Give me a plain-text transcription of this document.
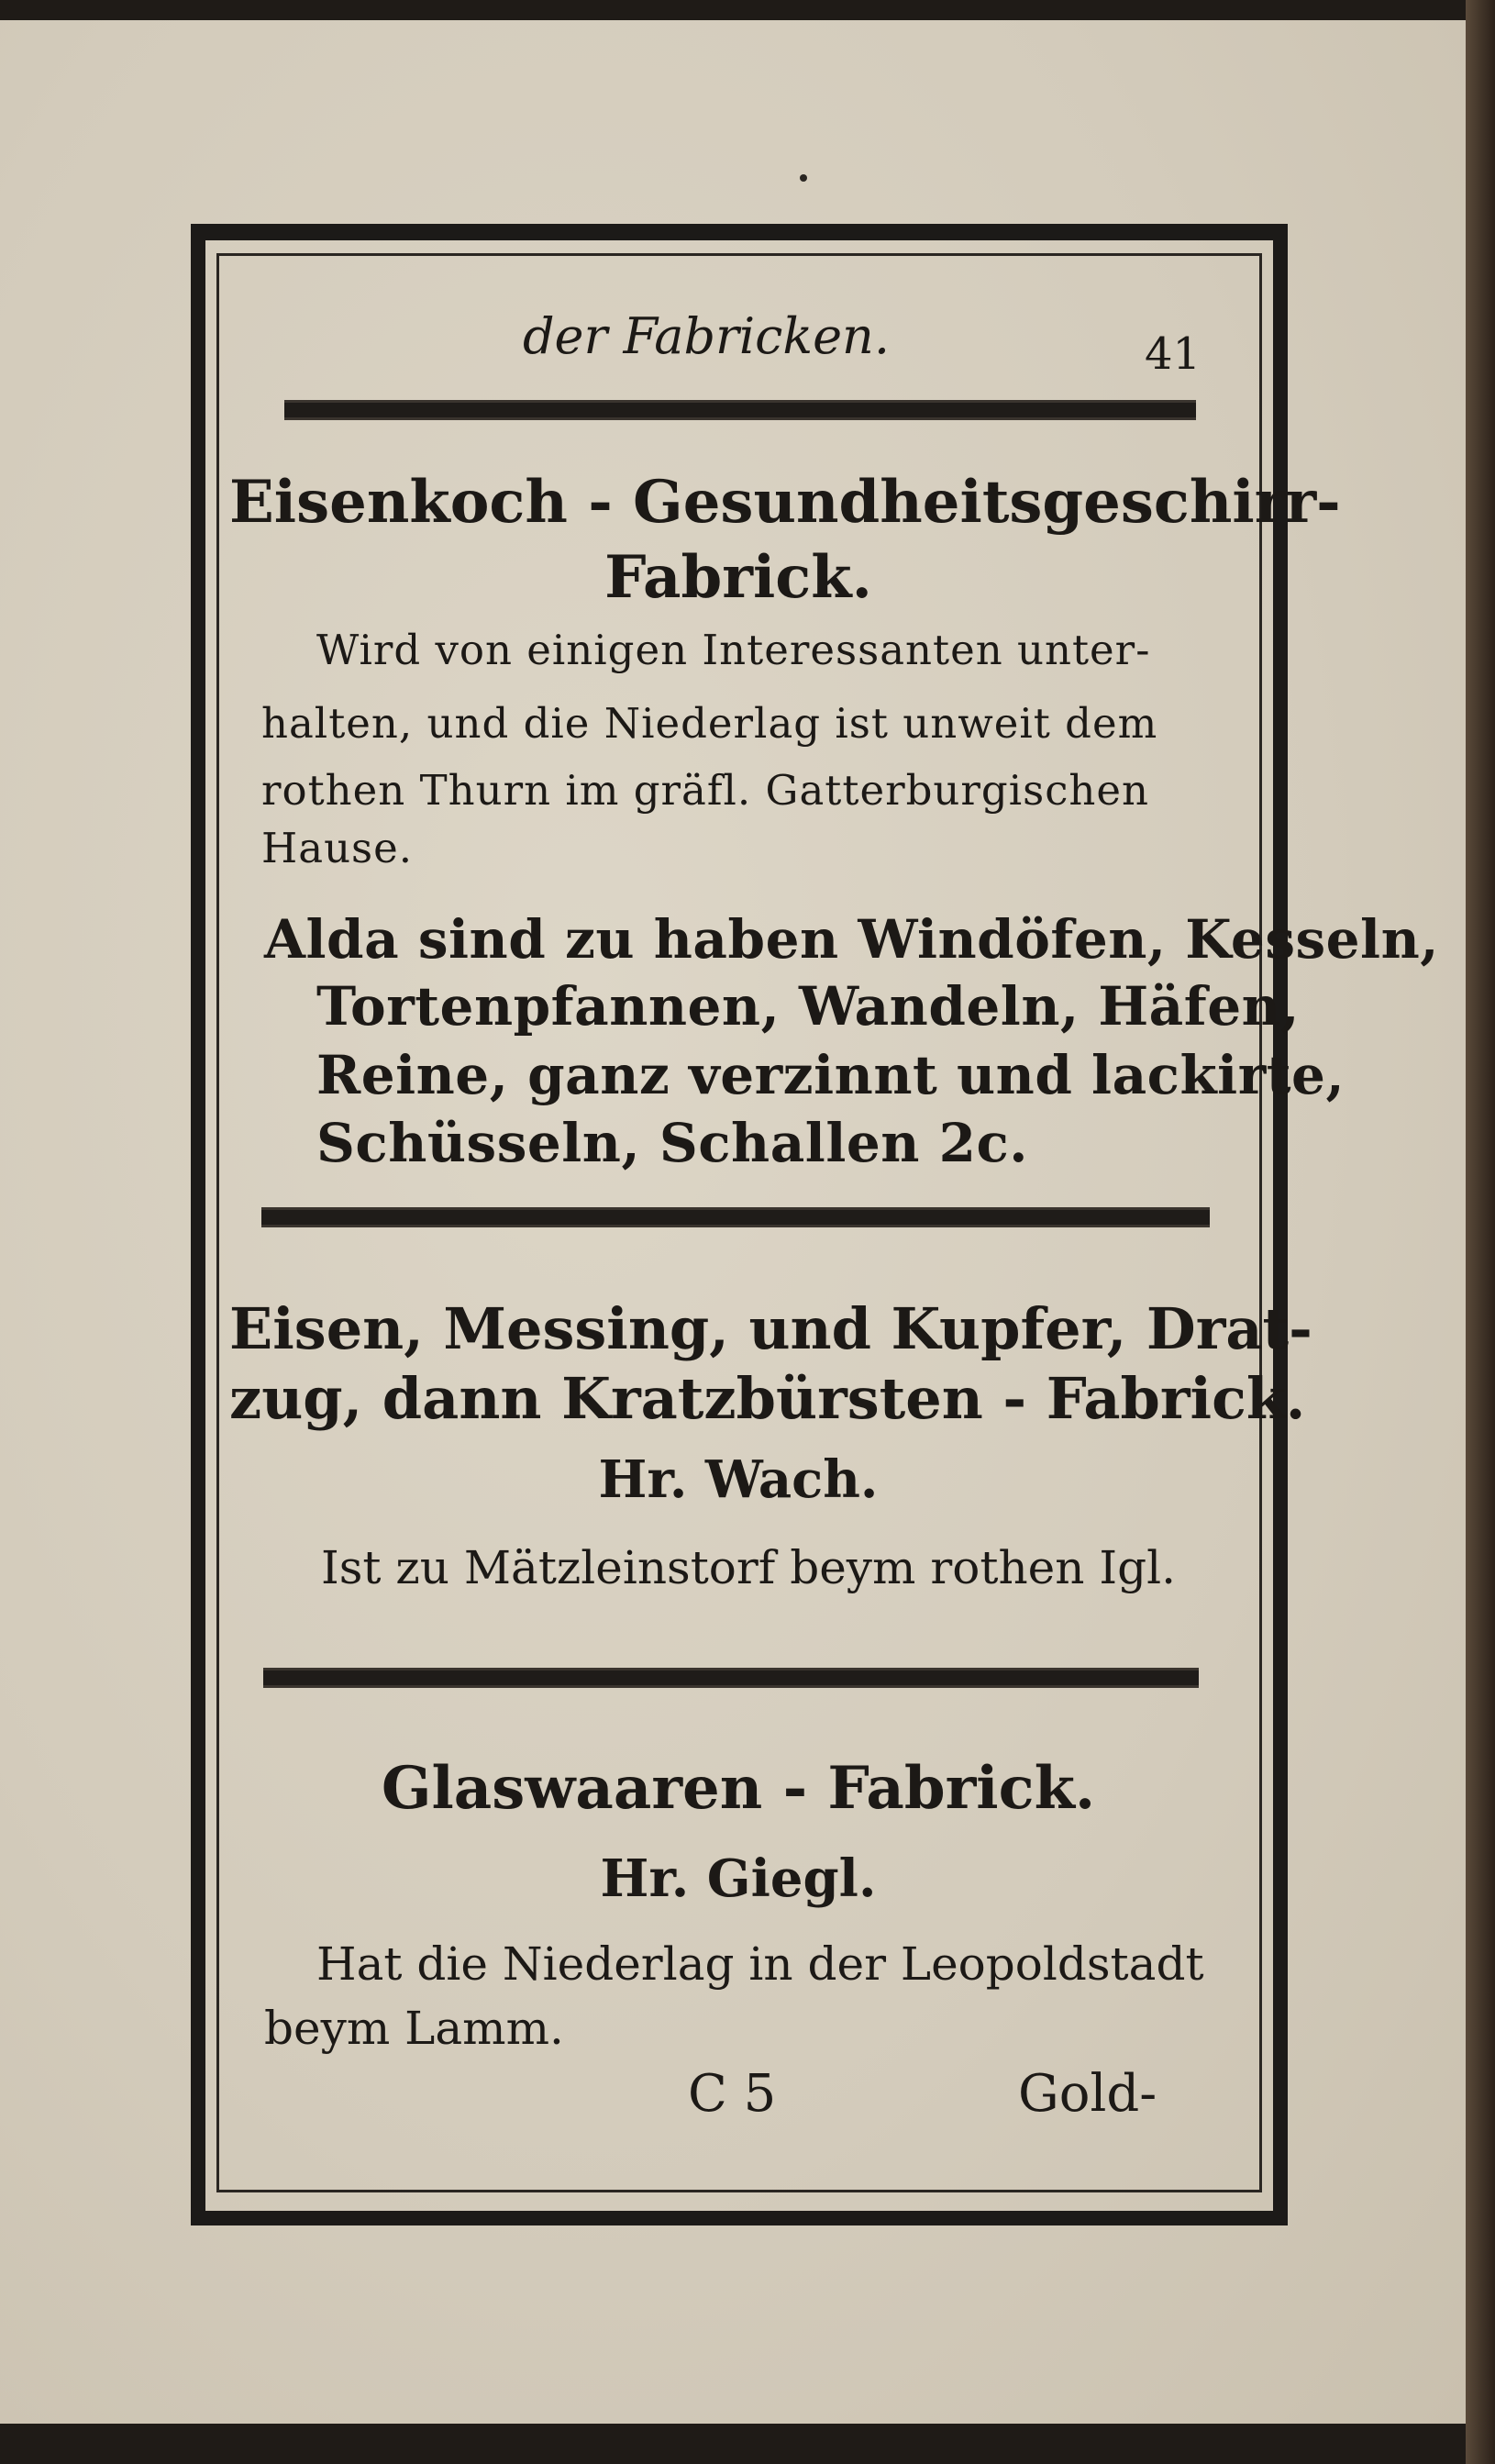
der Fabricken.	41
Eisenkoch - Gesundheitsgeschirr-
Fabrick.
Wird von einigen Interessanten unter-
halten, und die Niederlag ist unweit dem
rothen Thurn im gräfl. Gatterburgischen
Hause.
Alda sind zu haben Windöfen, Kesseln,
Tortenpfannen, Wandeln, Häfen,
Reine, ganz verzinnt und lackirte,
Schüsseln, Schallen 2c.
Eisen, Messing, und Kupfer, Drat-
zug, dann Kratzbürsten - Fabrick.
Hr. Wach.
Ist zu Mätzleinstorf beym rothen Igl.
Glaswaaren - Fabrick.
Hr. Giegl.
Hat die Niederlag in der Leopoldstadt
beym Lamm.
C 5	Gold-
